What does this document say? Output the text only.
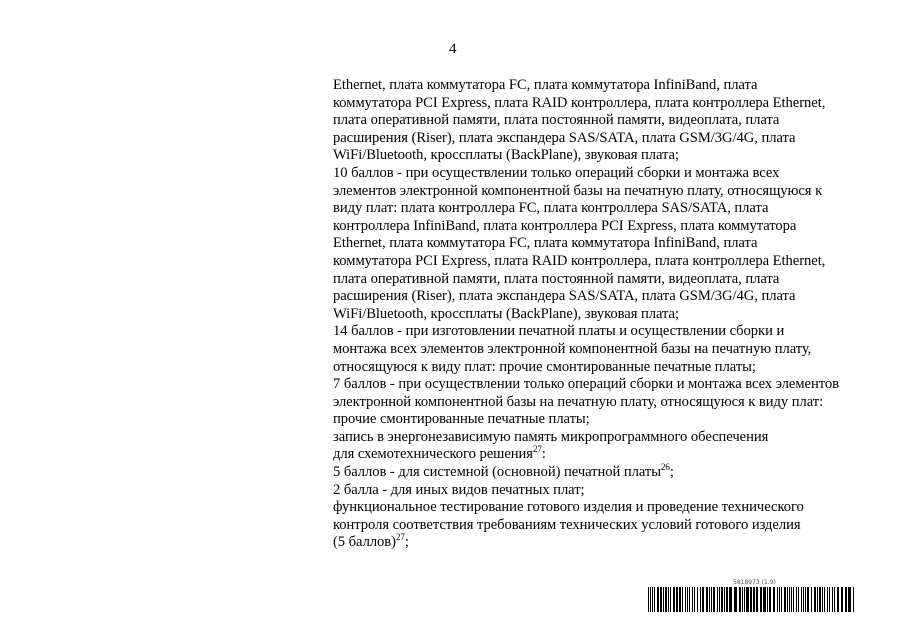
4
Ethernet, плата коммутатора FC, плата коммутатора InfiniBand, плата
коммутатора PCI Express, плата RAID контроллера, плата контроллера Ethernet,
плата оперативной памяти, плата постоянной памяти, видеоплата, плата
расширения (Riser), плата экспандера SAS/SATA, плата GSM/3G/4G, плата
WiFi/Bluetooth, кроссплаты (BackPlane), звуковая плата;
10 баллов - при осуществлении только операций сборки и монтажа всех
элементов электронной компонентной базы на печатную плату, относящуюся к
виду плат: плата контроллера FC, плата контроллера SAS/SATA, плата
контроллера InfiniBand, плата контроллера PCI Express, плата коммутатора
Ethernet, плата коммутатора FC, плата коммутатора InfiniBand, плата
коммутатора PCI Express, плата RAID контроллера, плата контроллера Ethernet,
плата оперативной памяти, плата постоянной памяти, видеоплата, плата
расширения (Riser), плата экспандера SAS/SATA, плата GSM/3G/4G, плата
WiFi/Bluetooth, кроссплаты (BackPlane), звуковая плата;
14 баллов - при изготовлении печатной платы и осуществлении сборки и
монтажа всех элементов электронной компонентной базы на печатную плату,
относящуюся к виду плат: прочие смонтированные печатные платы;
7 баллов - при осуществлении только операций сборки и монтажа всех элементов
электронной компонентной базы на печатную плату, относящуюся к виду плат:
прочие смонтированные печатные платы;
запись в энергонезависимую память микропрограммного обеспечения
для схемотехнического решения$^{27}$:
5 баллов - для системной (основной) печатной платы$^{26}$;
2 балла - для иных видов печатных плат;
функциональное тестирование готового изделия и проведение технического
контроля соответствия требованиям технических условий готового изделия
(5 баллов)$^{27}$;
5818973 (1.9)
